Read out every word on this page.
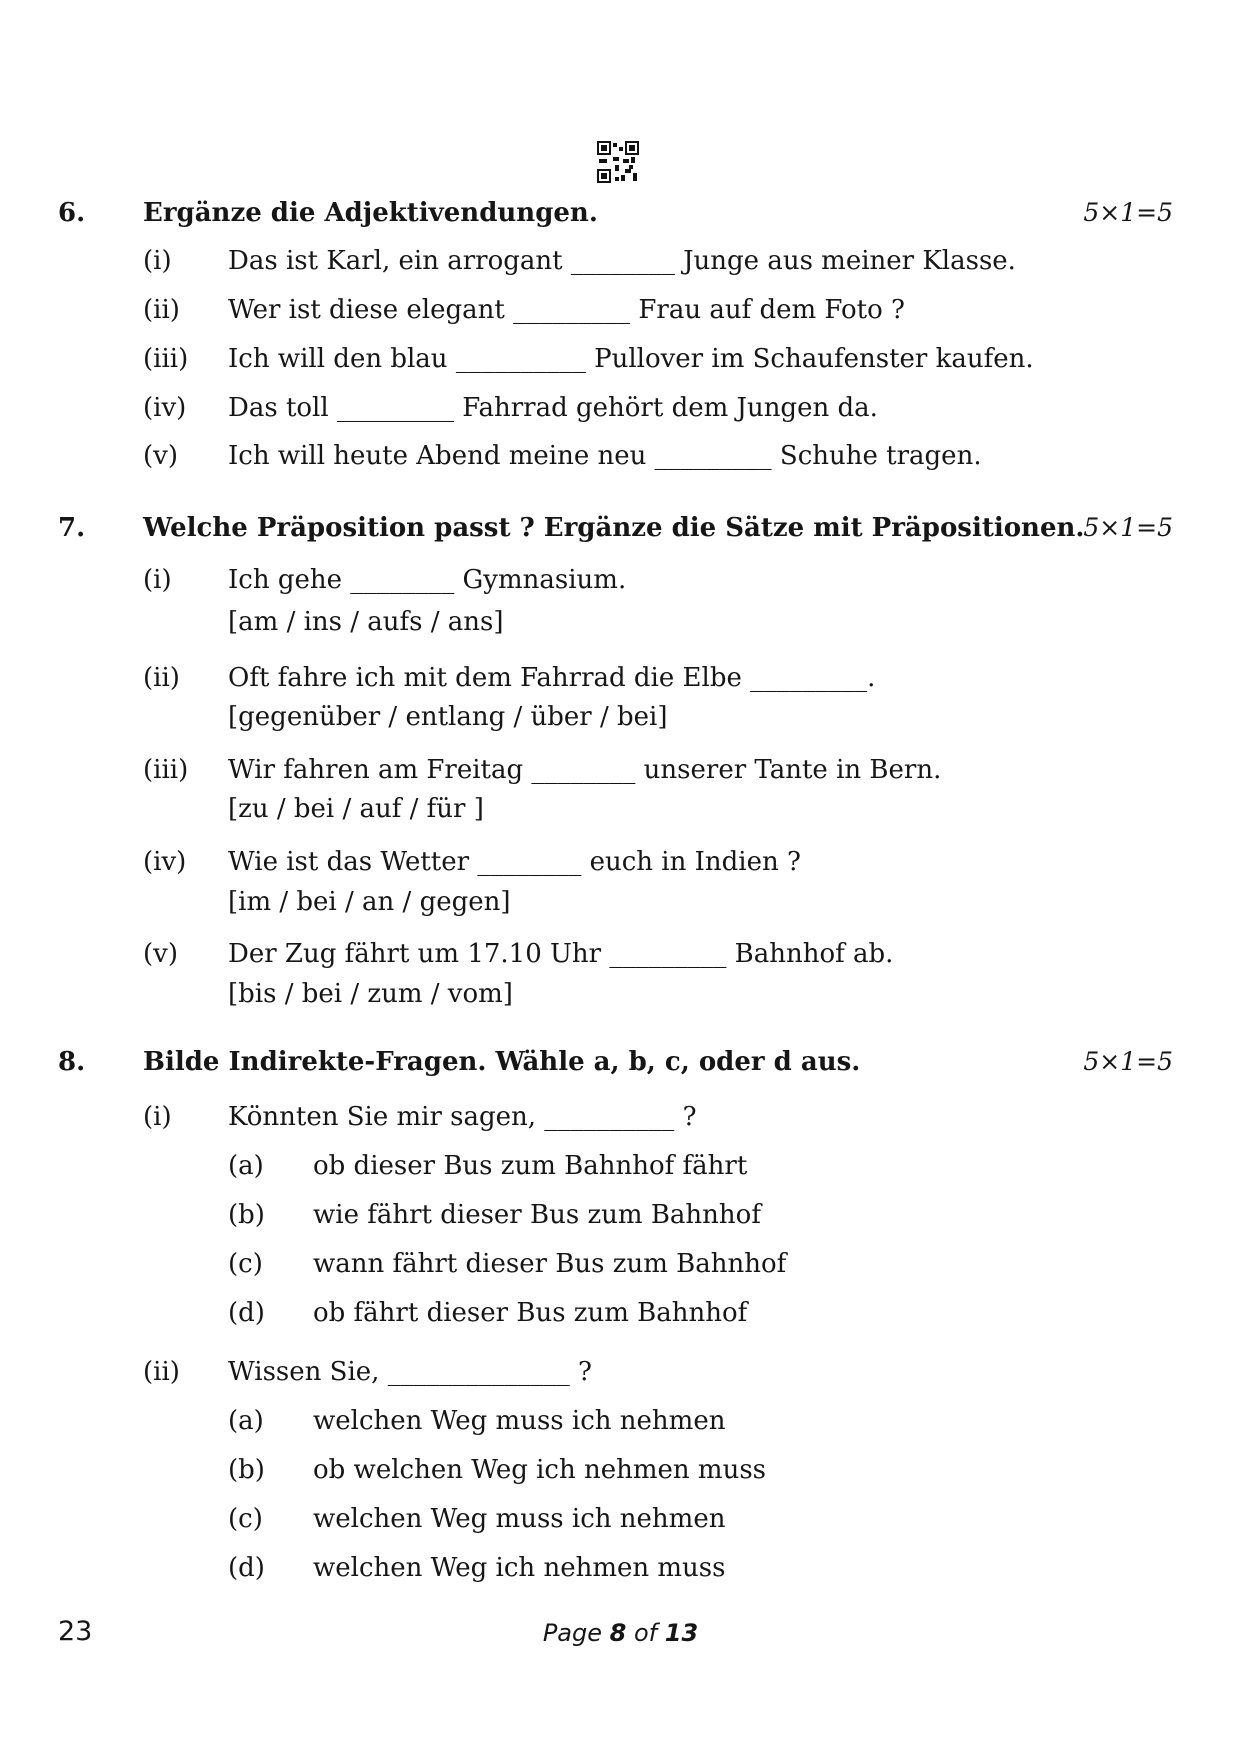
6. Ergänze die Adjektivendungen.	5×1=5
(i) Das ist Karl, ein arrogant ________ Junge aus meiner Klasse.
(ii) Wer ist diese elegant _________ Frau auf dem Foto ?
(iii) Ich will den blau __________ Pullover im Schaufenster kaufen.
(iv) Das toll _________ Fahrrad gehört dem Jungen da.
(v) Ich will heute Abend meine neu _________ Schuhe tragen.
7. Welche Präposition passt ? Ergänze die Sätze mit Präpositionen.
5×1=5
(i) Ich gehe ________ Gymnasium.
[am / ins / aufs / ans]
(ii) Oft fahre ich mit dem Fahrrad die Elbe _________.
[gegenüber / entlang / über / bei]
(iii) Wir fahren am Freitag ________ unserer Tante in Bern.
[zu / bei / auf / für ]
(iv) Wie ist das Wetter ________ euch in Indien ?
[im / bei / an / gegen]
(v) Der Zug fährt um 17.10 Uhr _________ Bahnhof ab.
[bis / bei / zum / vom]
8. Bilde Indirekte-Fragen. Wähle a, b, c, oder d aus.	5×1=5
(i) Könnten Sie mir sagen, __________ ?
(a) ob dieser Bus zum Bahnhof fährt
(b) wie fährt dieser Bus zum Bahnhof
(c) wann fährt dieser Bus zum Bahnhof
(d) ob fährt dieser Bus zum Bahnhof
(ii) Wissen Sie, ______________ ?
(a) welchen Weg muss ich nehmen
(b) ob welchen Weg ich nehmen muss
(c) welchen Weg muss ich nehmen
(d) welchen Weg ich nehmen muss
23	Page 8 of 13
